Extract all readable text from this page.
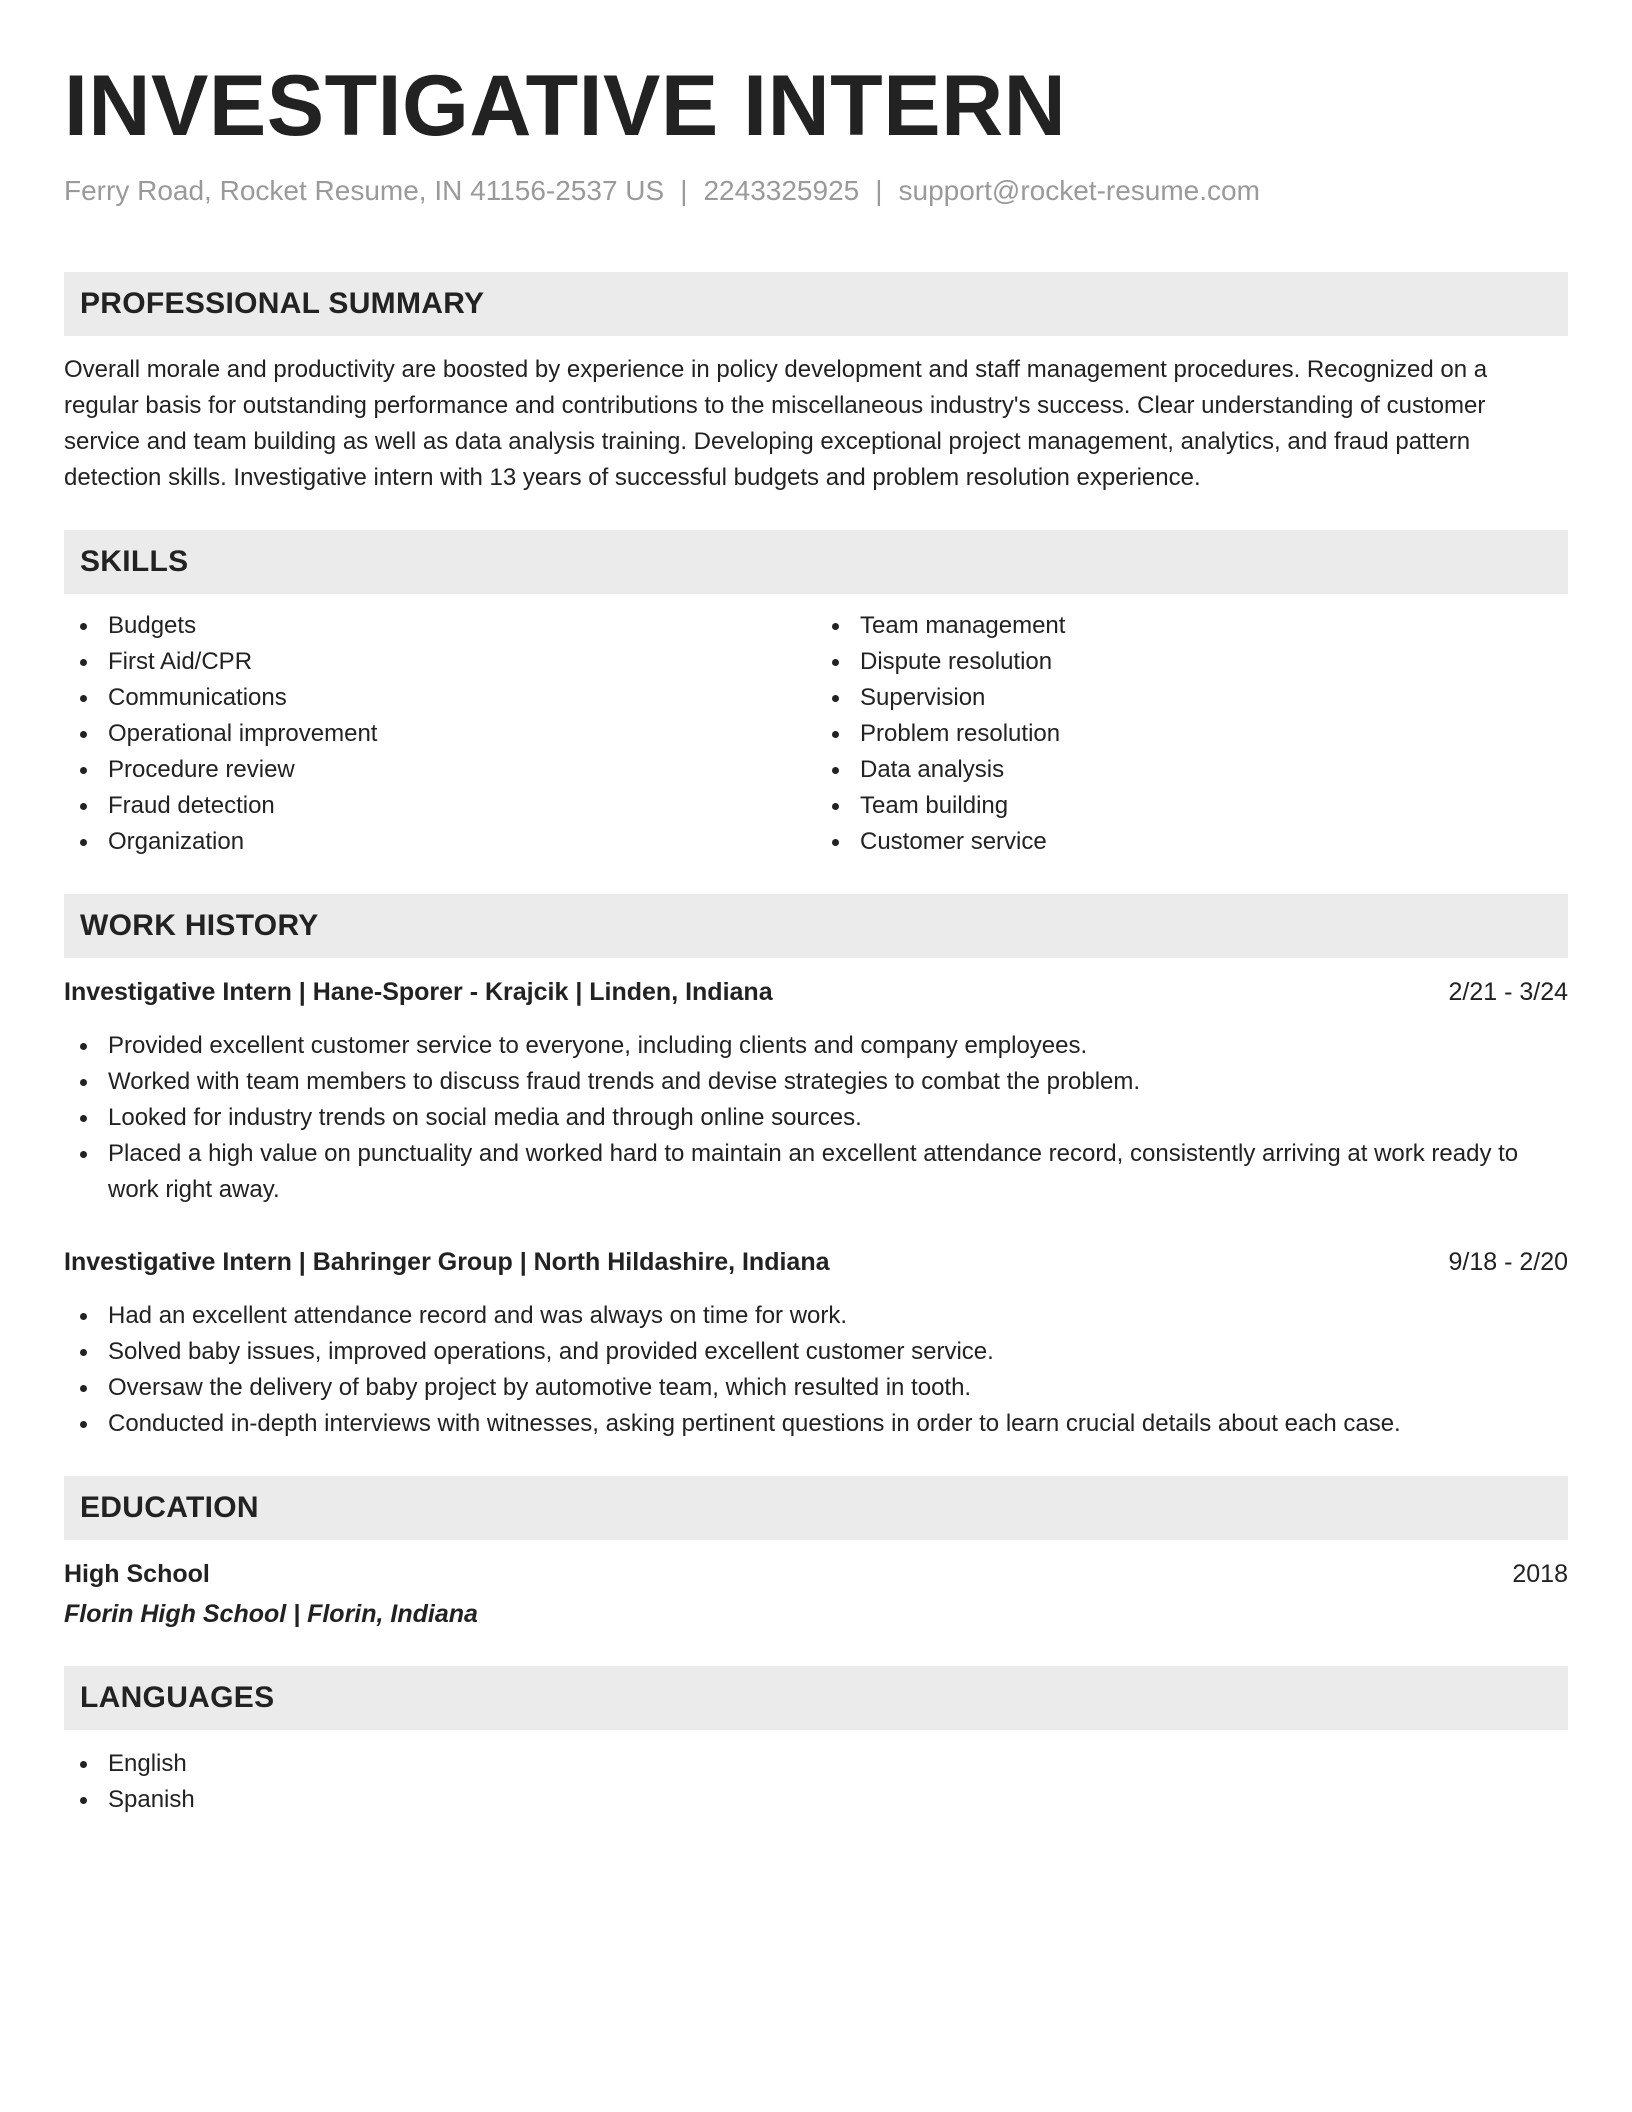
INVESTIGATIVE INTERN
Ferry Road, Rocket Resume, IN 41156-2537 US | 2243325925 | support@rocket-resume.com
PROFESSIONAL SUMMARY
Overall morale and productivity are boosted by experience in policy development and staff management procedures. Recognized on a
regular basis for outstanding performance and contributions to the miscellaneous industry's success. Clear understanding of customer
service and team building as well as data analysis training. Developing exceptional project management, analytics, and fraud pattern
detection skills. Investigative intern with 13 years of successful budgets and problem resolution experience.
SKILLS
Budgets
First Aid/CPR
Communications
Operational improvement
Procedure review
Fraud detection
Organization
Team management
Dispute resolution
Supervision
Problem resolution
Data analysis
Team building
Customer service
WORK HISTORY
Investigative Intern | Hane-Sporer - Krajcik | Linden, Indiana	2/21 - 3/24
Provided excellent customer service to everyone, including clients and company employees.
Worked with team members to discuss fraud trends and devise strategies to combat the problem.
Looked for industry trends on social media and through online sources.
Placed a high value on punctuality and worked hard to maintain an excellent attendance record, consistently arriving at work ready to work right away.
Investigative Intern | Bahringer Group | North Hildashire, Indiana	9/18 - 2/20
Had an excellent attendance record and was always on time for work.
Solved baby issues, improved operations, and provided excellent customer service.
Oversaw the delivery of baby project by automotive team, which resulted in tooth.
Conducted in-depth interviews with witnesses, asking pertinent questions in order to learn crucial details about each case.
EDUCATION
High School	2018
Florin High School | Florin, Indiana
LANGUAGES
English
Spanish
